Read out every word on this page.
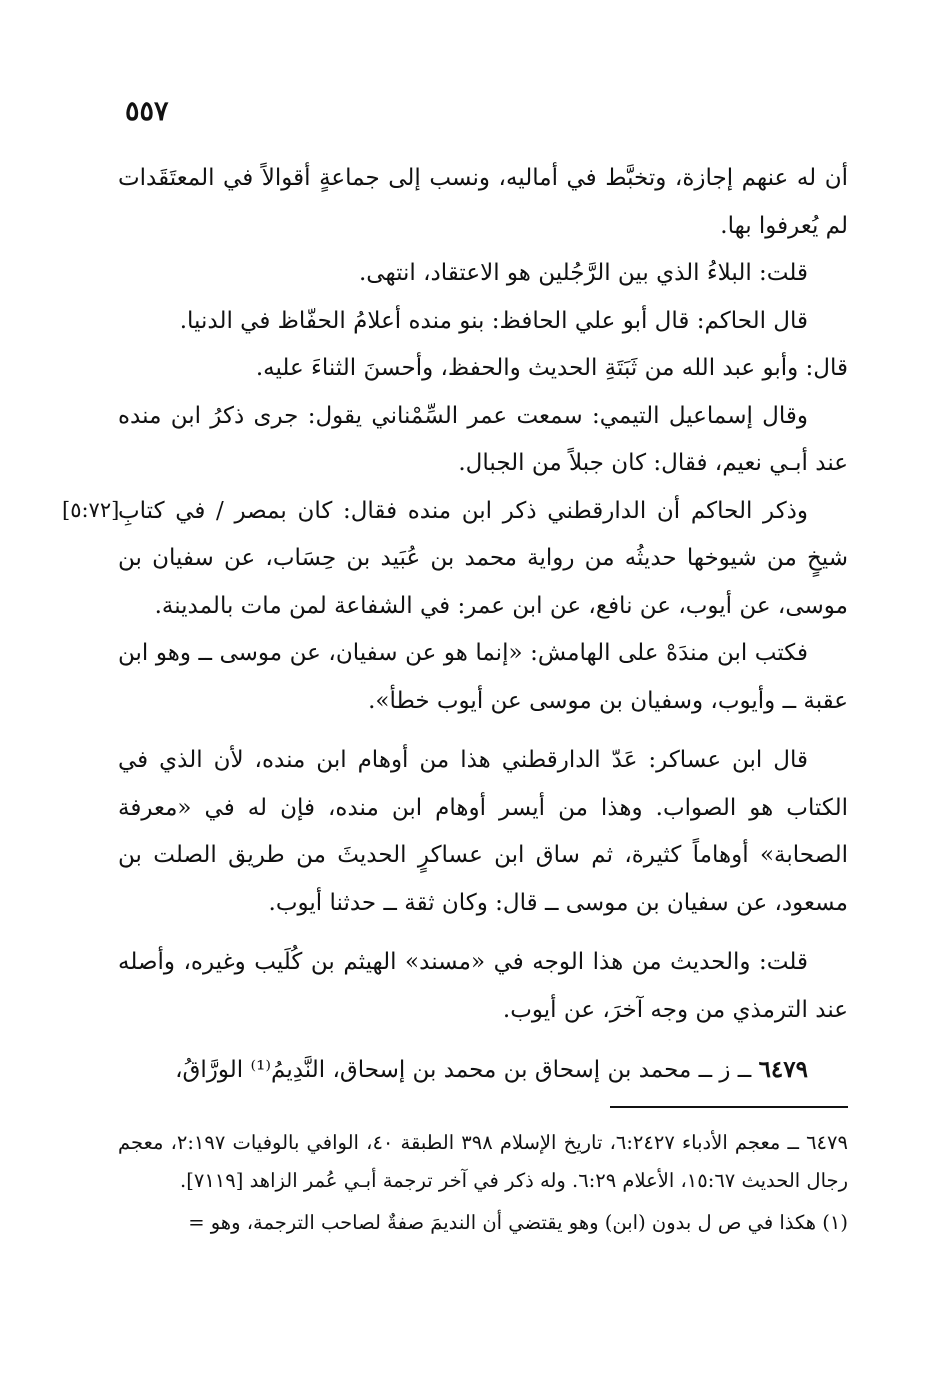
٥٥٧
[٥:٧٢]

أن له عنهم إجازة، وتخبَّط في أماليه، ونسب إلى جماعةٍ أقوالاً في المعتَقَدات لم يُعرفوا بها.

قلت: البلاءُ الذي بين الرَّجُلين هو الاعتقاد، انتهى.

قال الحاكم: قال أبو علي الحافظ: بنو منده أعلامُ الحفّاظ في الدنيا.

قال: وأبو عبد الله من ثَبَتَةِ الحديث والحفظ، وأحسنَ الثناءَ عليه.

وقال إسماعيل التيمي: سمعت عمر السِّمْناني يقول: جرى ذكرُ ابن منده عند أبـي نعيم، فقال: كان جبلاً من الجبال.

وذكر الحاكم أن الدارقطني ذكر ابن منده فقال: كان بمصر / في كتابِ شيخٍ من شيوخها حديثُه من رواية محمد بن عُبَيد بن حِسَاب، عن سفيان بن موسى، عن أيوب، عن نافع، عن ابن عمر: في الشفاعة لمن مات بالمدينة.

فكتب ابن مندَهْ على الهامش: «إنما هو عن سفيان، عن موسى ــ وهو ابن عقبة ــ وأيوب، وسفيان بن موسى عن أيوب خطأ».

قال ابن عساكر: عَدّ الدارقطني هذا من أوهام ابن منده، لأن الذي في الكتاب هو الصواب. وهذا من أيسر أوهام ابن منده، فإن له في «معرفة الصحابة» أوهاماً كثيرة، ثم ساق ابن عساكرٍ الحديثَ من طريق الصلت بن مسعود، عن سفيان بن موسى ــ قال: وكان ثقة ــ حدثنا أيوب.

قلت: والحديث من هذا الوجه في «مسند» الهيثم بن كُلَيب وغيره، وأصله عند الترمذي من وجه آخرَ، عن أيوب.

٦٤٧٩ ــ ز ــ محمد بن إسحاق بن محمد بن إسحاق، النَّدِيمُ⁽¹⁾ الورَّاقُ،

٦٤٧٩ ــ معجم الأدباء ٦:٢٤٢٧، تاريخ الإسلام ٣٩٨ الطبقة ٤٠، الوافي بالوفيات ٢:١٩٧، معجم رجال الحديث ١٥:٦٧، الأعلام ٦:٢٩. وله ذكر في آخر ترجمة أبـي عُمر الزاهد [٧١١٩].

(١) هكذا في ص ل بدون (ابن) وهو يقتضي أن النديمَ صفةٌ لصاحب الترجمة، وهو =
